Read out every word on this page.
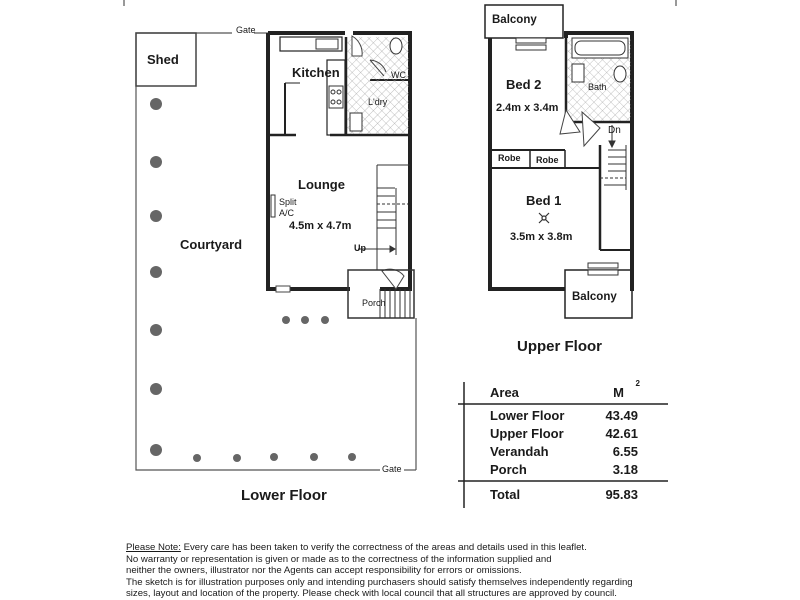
Gate
Shed
Kitchen	WC
L'dry
Lounge
Split
A/C
4.5m x 4.7m
Courtyard	Up
Porch
Gate
Lower Floor
Balcony
Bed 2
2.4m x 3.4m
Bath
Dn
Robe Robe
Bed 1
3.5m x 3.8m
Balcony
Upper Floor
Area	M
2
Lower Floor	43.49
Upper Floor	42.61
Verandah	6.55
Porch	3.18
Total	95.83
Please Note: Every care has been taken to verify the correctness of the areas and details used in this leaflet.
No warranty or representation is given or made as to the correctness of the information supplied and
neither the owners, illustrator nor the Agents can accept responsibility for errors or omissions.
The sketch is for illustration purposes only and intending purchasers should satisfy themselves independently regarding
sizes, layout and location of the property. Please check with local council that all structures are approved by council.
